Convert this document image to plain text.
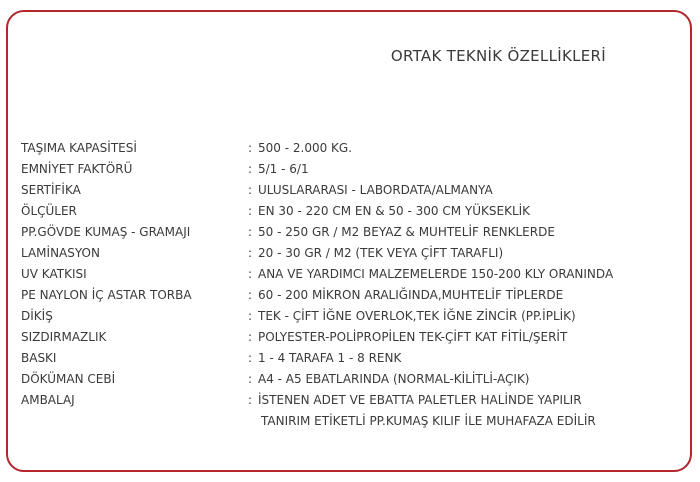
ORTAK TEKNİK ÖZELLİKLERİ
TAŞIMA KAPASİTESİ	: 500 - 2.000 KG.
EMNİYET FAKTÖRÜ	: 5/1 - 6/1
SERTİFİKA	: ULUSLARARASI - LABORDATA/ALMANYA
ÖLÇÜLER	: EN 30 - 220 CM EN & 50 - 300 CM YÜKSEKLİK
PP.GÖVDE KUMAŞ - GRAMAJI	: 50 - 250 GR / M2 BEYAZ & MUHTELİF RENKLERDE
LAMİNASYON	: 20 - 30 GR / M2 (TEK VEYA ÇİFT TARAFLI)
UV KATKISI	: ANA VE YARDIMCI MALZEMELERDE 150-200 KLY ORANINDA
PE NAYLON İÇ ASTAR TORBA	: 60 - 200 MİKRON ARALIĞINDA,MUHTELİF TİPLERDE
DİKİŞ	: TEK - ÇİFT İĞNE OVERLOK,TEK İĞNE ZİNCİR (PP.İPLİK)
SIZDIRMAZLIK	: POLYESTER-POLİPROPİLEN TEK-ÇİFT KAT FİTİL/ŞERİT
BASKI	: 1 - 4 TARAFA 1 - 8 RENK
DÖKÜMAN CEBİ	: A4 - A5 EBATLARINDA (NORMAL-KİLİTLİ-AÇIK)
AMBALAJ	: İSTENEN ADET VE EBATTA PALETLER HALİNDE YAPILIR
TANIRIM ETİKETLİ PP.KUMAŞ KILIF İLE MUHAFAZA EDİLİR
